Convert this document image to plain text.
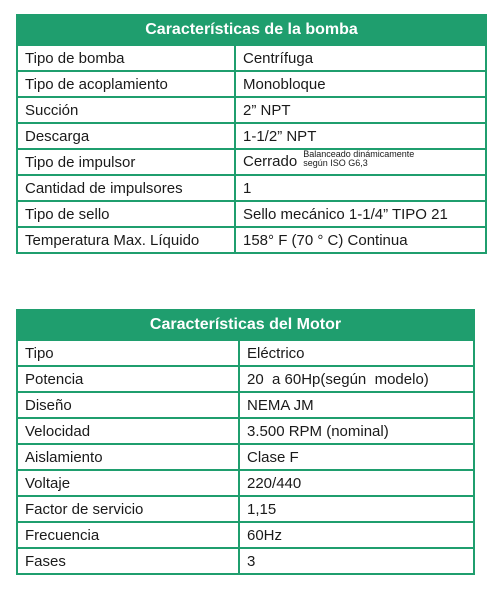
Características de la bomba	
Tipo de bomba	Centrífuga
Tipo de acoplamiento	Monobloque
Succión	2” NPT
Descarga	1-1/2” NPT
Tipo de impulsor	Cerrado Balanceado dinámicamente
según ISO G6,3
Cantidad de impulsores	1
Tipo de sello	Sello mecánico 1-1/4” TIPO 21
Temperatura Max. Líquido	158° F (70 ° C) Continua
Características del Motor	
Tipo	Eléctrico
Potencia	20  a 60Hp(según  modelo)
Diseño	NEMA JM
Velocidad	3.500 RPM (nominal)
Aislamiento	Clase F
Voltaje	220/440
Factor de servicio	1,15
Frecuencia	60Hz
Fases	3
